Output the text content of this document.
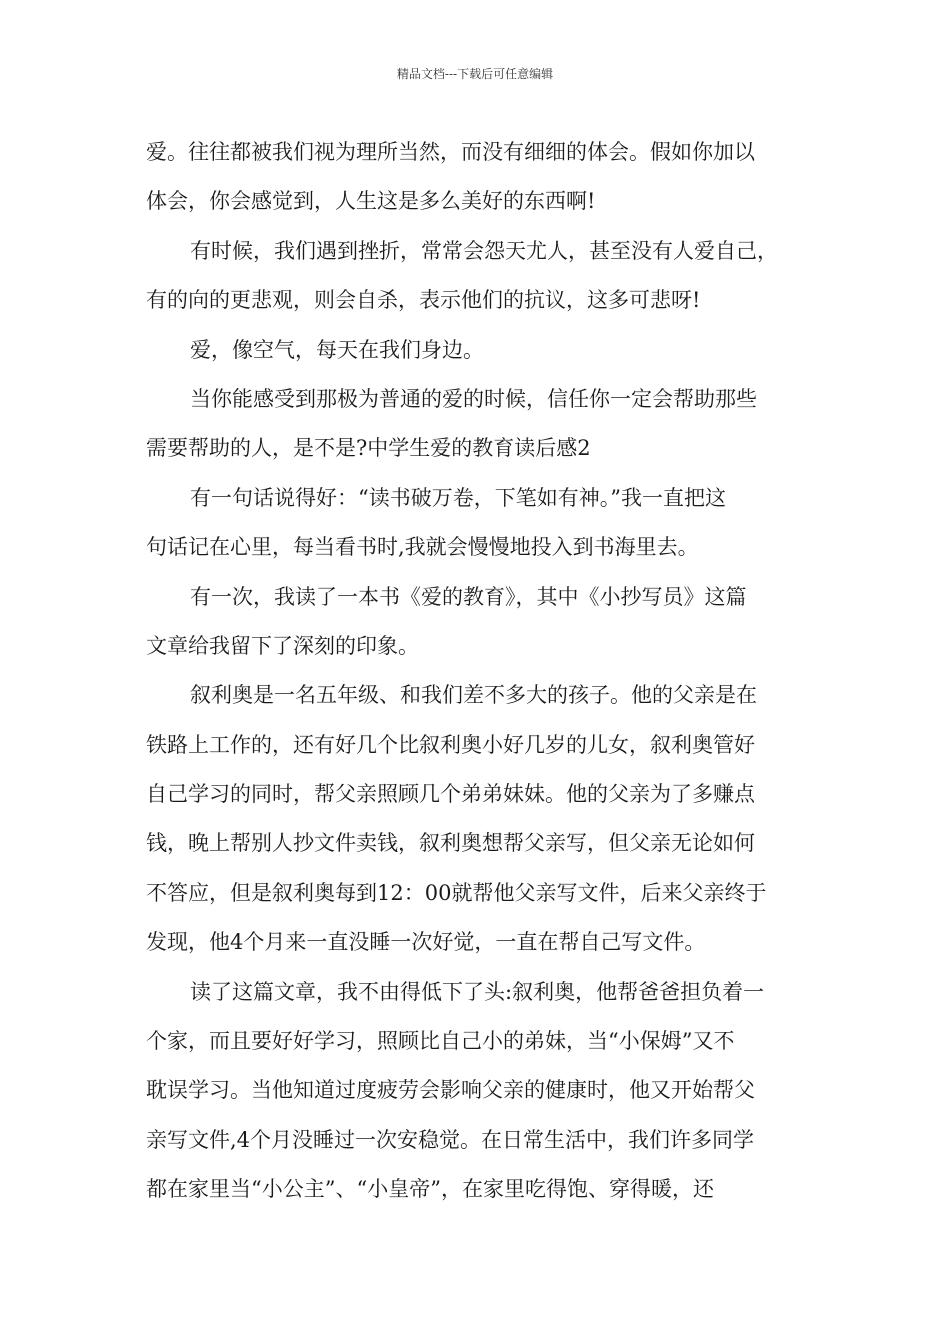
精品文档---下载后可任意编辑
爱。往往都被我们视为理所当然，而没有细细的体会。假如你加以
体会，你会感觉到，人生这是多么美好的东西啊!
有时候，我们遇到挫折，常常会怨天尤人，甚至没有人爱自己，
有的向的更悲观，则会自杀，表示他们的抗议，这多可悲呀!
爱，像空气，每天在我们身边。
当你能感受到那极为普通的爱的时候，信任你一定会帮助那些
需要帮助的人，是不是?中学生爱的教育读后感2
有一句话说得好：“读书破万卷，下笔如有神。”我一直把这
句话记在心里，每当看书时,我就会慢慢地投入到书海里去。
有一次，我读了一本书《爱的教育》，其中《小抄写员》这篇
文章给我留下了深刻的印象。
叙利奥是一名五年级、和我们差不多大的孩子。他的父亲是在
铁路上工作的，还有好几个比叙利奥小好几岁的儿女，叙利奥管好
自己学习的同时，帮父亲照顾几个弟弟妹妹。他的父亲为了多赚点
钱，晚上帮别人抄文件卖钱，叙利奥想帮父亲写，但父亲无论如何
不答应，但是叙利奥每到12：00就帮他父亲写文件，后来父亲终于
发现，他4个月来一直没睡一次好觉，一直在帮自己写文件。
读了这篇文章，我不由得低下了头:叙利奥，他帮爸爸担负着一
个家，而且要好好学习，照顾比自己小的弟妹，当“小保姆”又不
耽误学习。当他知道过度疲劳会影响父亲的健康时，他又开始帮父
亲写文件,4个月没睡过一次安稳觉。在日常生活中，我们许多同学
都在家里当“小公主”、“小皇帝”，在家里吃得饱、穿得暖，还
